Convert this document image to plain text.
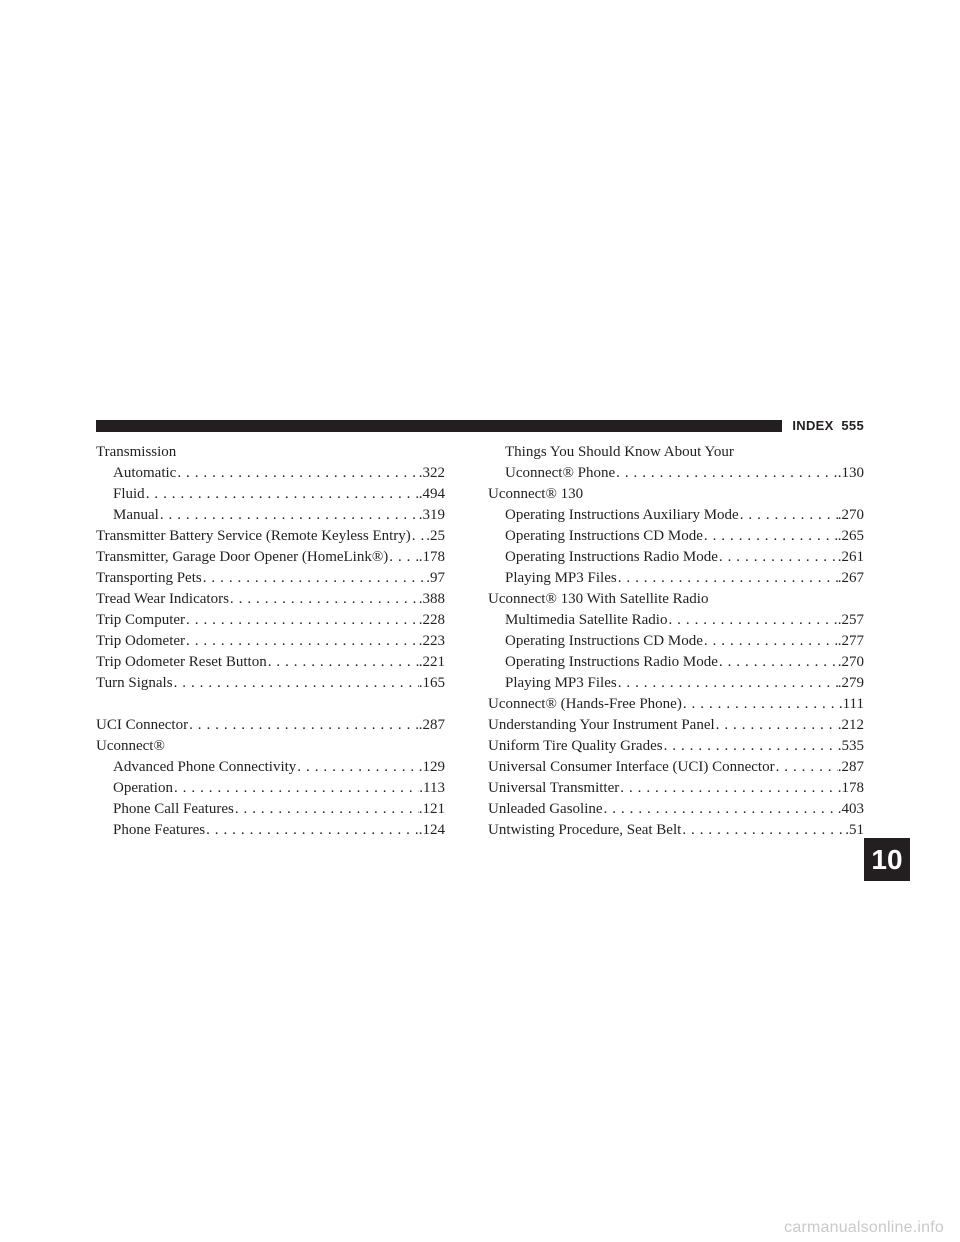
INDEX 555
Transmission
Automatic . . .	.322
Fluid . . .	.494
Manual . . .	.319
Transmitter Battery Service (Remote Keyless Entry) . . . .25
Transmitter, Garage Door Opener (HomeLink®) . . . .178
Transporting Pets . . .	.97
Tread Wear Indicators . . .	.388
Trip Computer . . .	.228
Trip Odometer . . .	.223
Trip Odometer Reset Button . . .	.221
Turn Signals . . .	.165
UCI Connector . . .	.287
Uconnect®
Advanced Phone Connectivity . . .	.129
Operation . . .	.113
Phone Call Features . . .	.121
Phone Features . . .	.124
Things You Should Know About Your
Uconnect® Phone . . .	.130
Uconnect® 130
Operating Instructions Auxiliary Mode . . .	.270
Operating Instructions CD Mode . . .	.265
Operating Instructions Radio Mode . . .	.261
Playing MP3 Files . . .	.267
Uconnect® 130 With Satellite Radio
Multimedia Satellite Radio . . .	.257
Operating Instructions CD Mode . . .	.277
Operating Instructions Radio Mode . . .	.270
Playing MP3 Files . . .	.279
Uconnect® (Hands-Free Phone) . . .	.111
Understanding Your Instrument Panel . . .	.212
Uniform Tire Quality Grades . . .	.535
Universal Consumer Interface (UCI) Connector . . .	.287
Universal Transmitter . . .	.178
Unleaded Gasoline . . .	.403
Untwisting Procedure, Seat Belt . . .	.51
10
carmanualsonline.info
